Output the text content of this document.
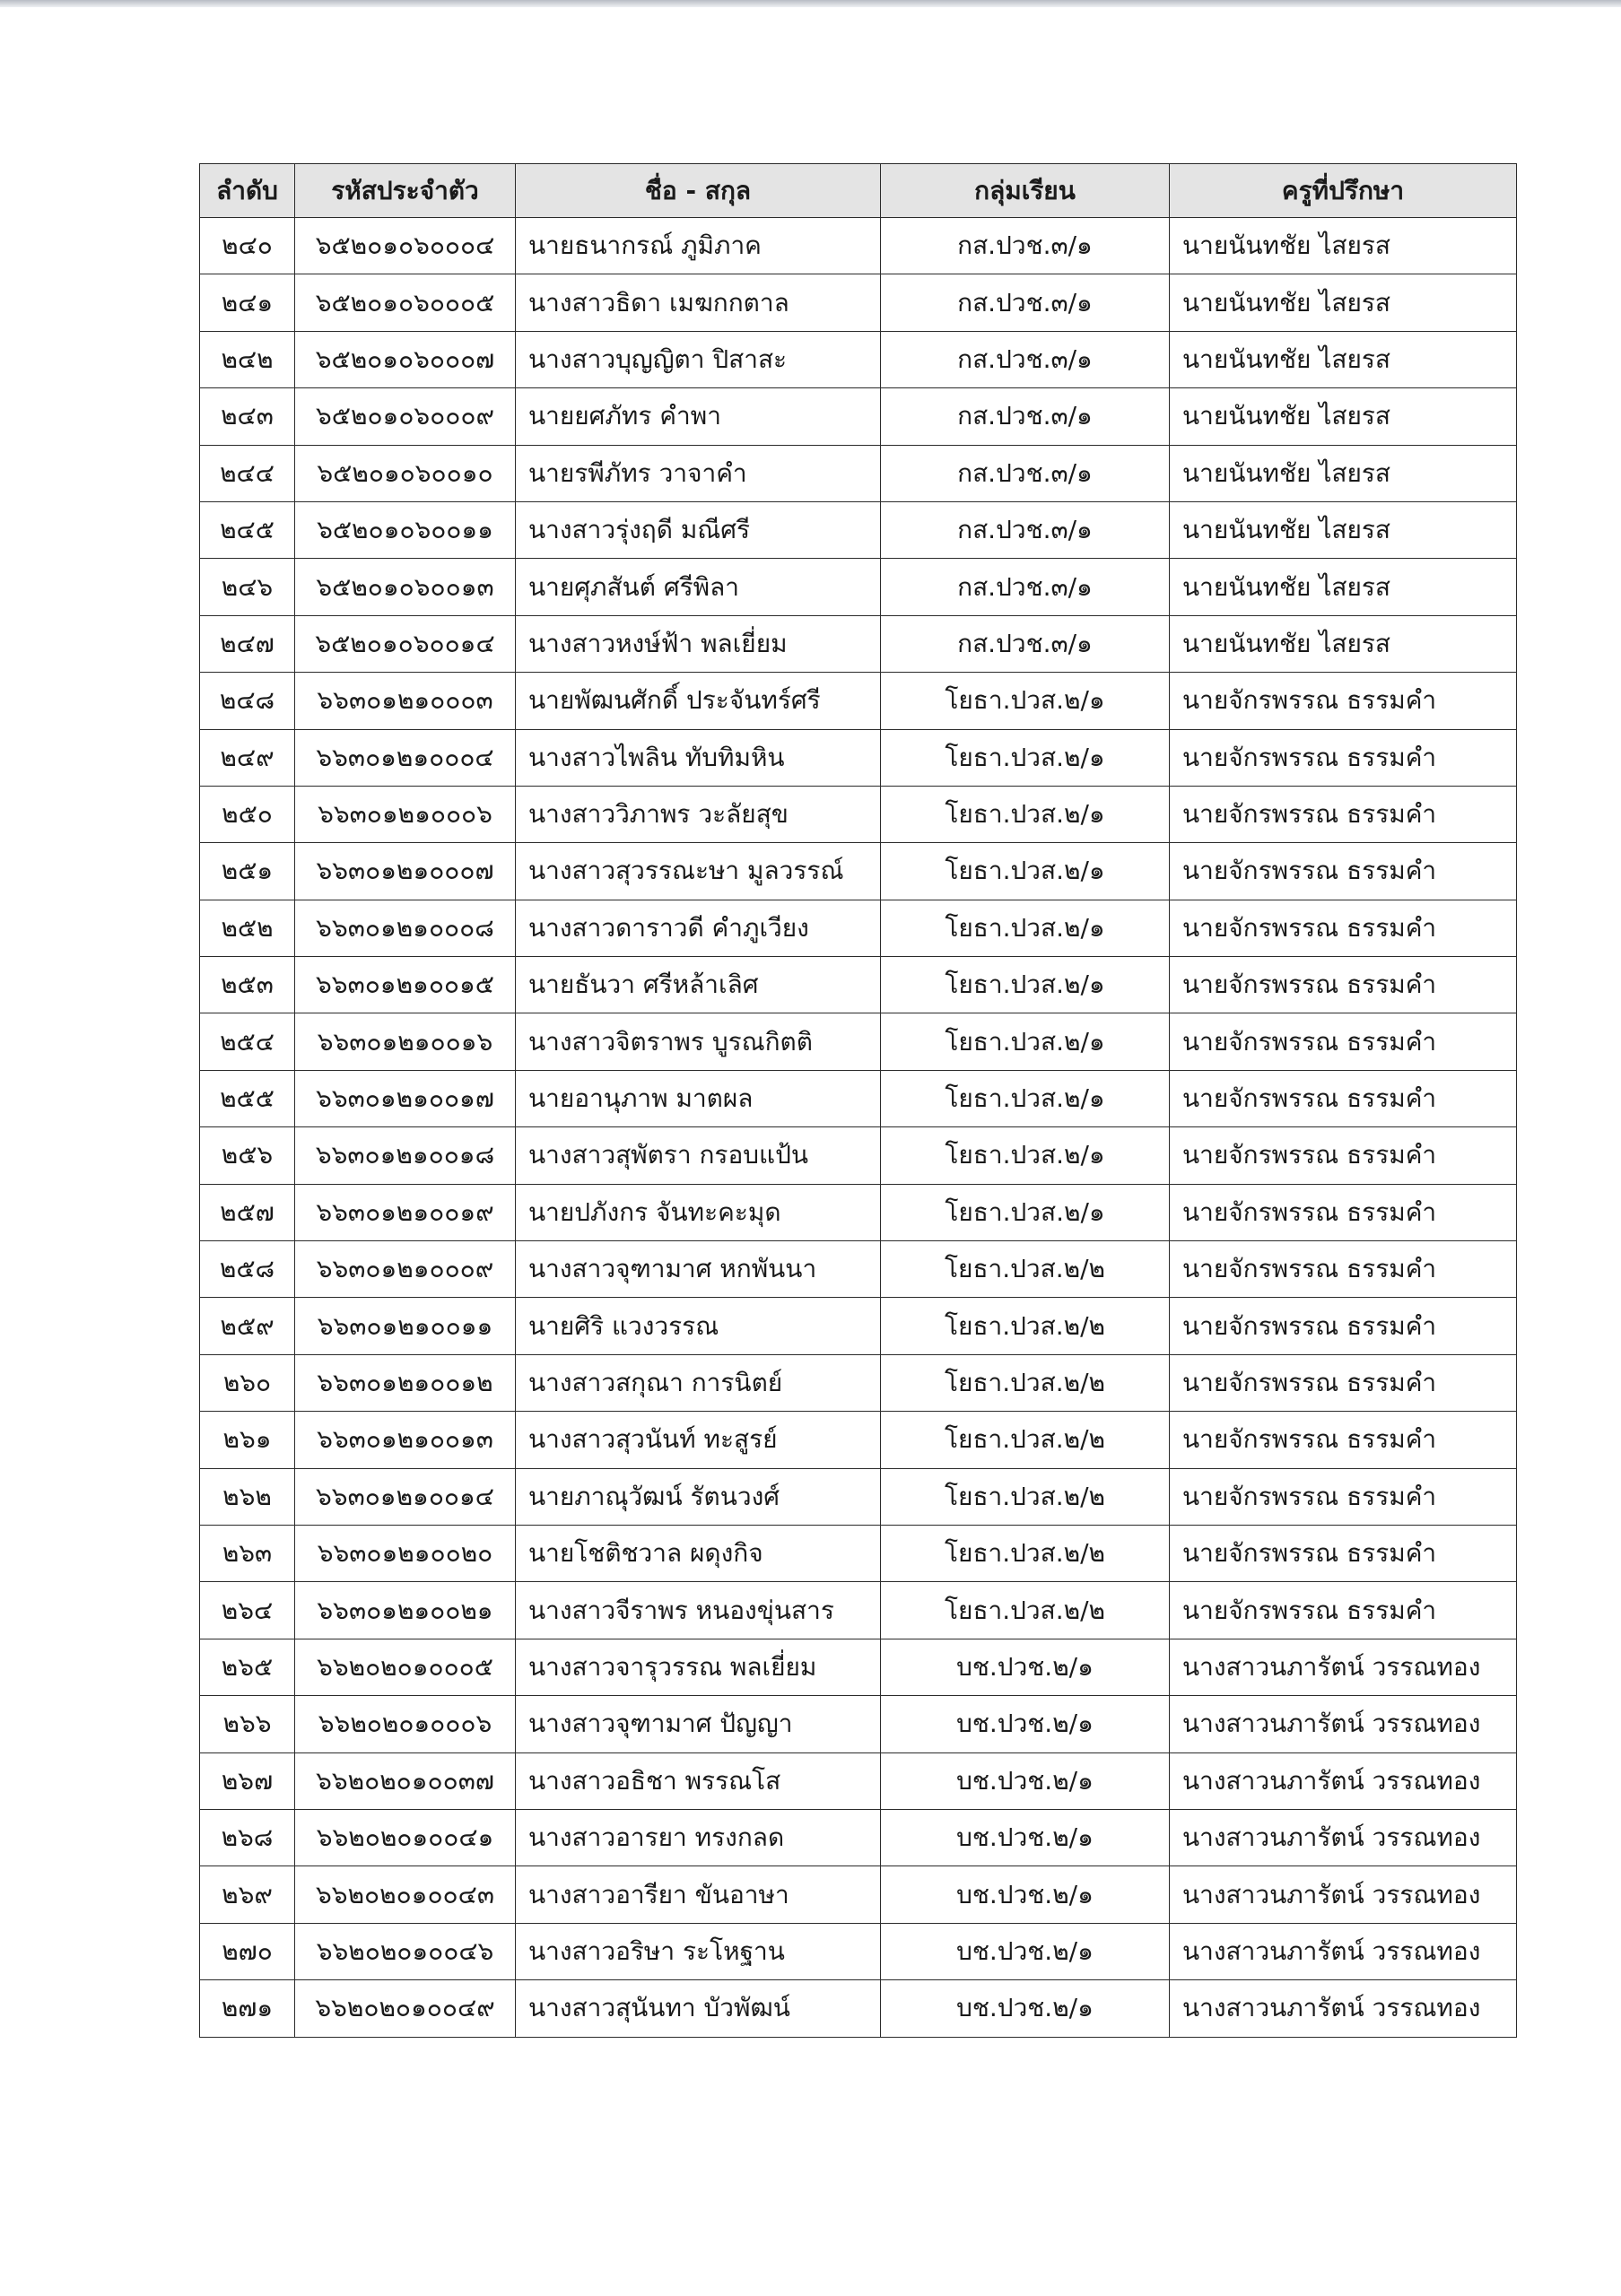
ลำดับ	รหัสประจำตัว	ชื่อ - สกุล	กลุ่มเรียน	ครูที่ปรึกษา
๒๔๐	๖๕๒๐๑๐๖๐๐๐๔	นายธนากรณ์ ภูมิภาค	กส.ปวช.๓/๑	นายนันทชัย ไสยรส
๒๔๑	๖๕๒๐๑๐๖๐๐๐๕	นางสาวธิดา เมฆกกตาล	กส.ปวช.๓/๑	นายนันทชัย ไสยรส
๒๔๒	๖๕๒๐๑๐๖๐๐๐๗	นางสาวบุญญิตา ปิสาสะ	กส.ปวช.๓/๑	นายนันทชัย ไสยรส
๒๔๓	๖๕๒๐๑๐๖๐๐๐๙	นายยศภัทร คำพา	กส.ปวช.๓/๑	นายนันทชัย ไสยรส
๒๔๔	๖๕๒๐๑๐๖๐๐๑๐	นายรพีภัทร วาจาคำ	กส.ปวช.๓/๑	นายนันทชัย ไสยรส
๒๔๕	๖๕๒๐๑๐๖๐๐๑๑	นางสาวรุ่งฤดี มณีศรี	กส.ปวช.๓/๑	นายนันทชัย ไสยรส
๒๔๖	๖๕๒๐๑๐๖๐๐๑๓	นายศุภสันต์ ศรีพิลา	กส.ปวช.๓/๑	นายนันทชัย ไสยรส
๒๔๗	๖๕๒๐๑๐๖๐๐๑๔	นางสาวหงษ์ฟ้า พลเยี่ยม	กส.ปวช.๓/๑	นายนันทชัย ไสยรส
๒๔๘	๖๖๓๐๑๒๑๐๐๐๓	นายพัฒนศักดิ์ ประจันทร์ศรี	โยธา.ปวส.๒/๑	นายจักรพรรณ ธรรมคำ
๒๔๙	๖๖๓๐๑๒๑๐๐๐๔	นางสาวไพลิน ทับทิมหิน	โยธา.ปวส.๒/๑	นายจักรพรรณ ธรรมคำ
๒๕๐	๖๖๓๐๑๒๑๐๐๐๖	นางสาววิภาพร วะลัยสุข	โยธา.ปวส.๒/๑	นายจักรพรรณ ธรรมคำ
๒๕๑	๖๖๓๐๑๒๑๐๐๐๗	นางสาวสุวรรณะษา มูลวรรณ์	โยธา.ปวส.๒/๑	นายจักรพรรณ ธรรมคำ
๒๕๒	๖๖๓๐๑๒๑๐๐๐๘	นางสาวดาราวดี คำภูเวียง	โยธา.ปวส.๒/๑	นายจักรพรรณ ธรรมคำ
๒๕๓	๖๖๓๐๑๒๑๐๐๑๕	นายธันวา ศรีหล้าเลิศ	โยธา.ปวส.๒/๑	นายจักรพรรณ ธรรมคำ
๒๕๔	๖๖๓๐๑๒๑๐๐๑๖	นางสาวจิตราพร บูรณกิตติ	โยธา.ปวส.๒/๑	นายจักรพรรณ ธรรมคำ
๒๕๕	๖๖๓๐๑๒๑๐๐๑๗	นายอานุภาพ มาตผล	โยธา.ปวส.๒/๑	นายจักรพรรณ ธรรมคำ
๒๕๖	๖๖๓๐๑๒๑๐๐๑๘	นางสาวสุพัตรา กรอบแป้น	โยธา.ปวส.๒/๑	นายจักรพรรณ ธรรมคำ
๒๕๗	๖๖๓๐๑๒๑๐๐๑๙	นายปภังกร จันทะคะมุด	โยธา.ปวส.๒/๑	นายจักรพรรณ ธรรมคำ
๒๕๘	๖๖๓๐๑๒๑๐๐๐๙	นางสาวจุฑามาศ หกพันนา	โยธา.ปวส.๒/๒	นายจักรพรรณ ธรรมคำ
๒๕๙	๖๖๓๐๑๒๑๐๐๑๑	นายศิริ แวงวรรณ	โยธา.ปวส.๒/๒	นายจักรพรรณ ธรรมคำ
๒๖๐	๖๖๓๐๑๒๑๐๐๑๒	นางสาวสกุณา การนิตย์	โยธา.ปวส.๒/๒	นายจักรพรรณ ธรรมคำ
๒๖๑	๖๖๓๐๑๒๑๐๐๑๓	นางสาวสุวนันท์ ทะสูรย์	โยธา.ปวส.๒/๒	นายจักรพรรณ ธรรมคำ
๒๖๒	๖๖๓๐๑๒๑๐๐๑๔	นายภาณุวัฒน์ รัตนวงศ์	โยธา.ปวส.๒/๒	นายจักรพรรณ ธรรมคำ
๒๖๓	๖๖๓๐๑๒๑๐๐๒๐	นายโชติชวาล ผดุงกิจ	โยธา.ปวส.๒/๒	นายจักรพรรณ ธรรมคำ
๒๖๔	๖๖๓๐๑๒๑๐๐๒๑	นางสาวจีราพร หนองขุ่นสาร	โยธา.ปวส.๒/๒	นายจักรพรรณ ธรรมคำ
๒๖๕	๖๖๒๐๒๐๑๐๐๐๕	นางสาวจารุวรรณ พลเยี่ยม	บช.ปวช.๒/๑	นางสาวนภารัตน์ วรรณทอง
๒๖๖	๖๖๒๐๒๐๑๐๐๐๖	นางสาวจุฑามาศ ปัญญา	บช.ปวช.๒/๑	นางสาวนภารัตน์ วรรณทอง
๒๖๗	๖๖๒๐๒๐๑๐๐๓๗	นางสาวอธิชา พรรณโส	บช.ปวช.๒/๑	นางสาวนภารัตน์ วรรณทอง
๒๖๘	๖๖๒๐๒๐๑๐๐๔๑	นางสาวอารยา ทรงกลด	บช.ปวช.๒/๑	นางสาวนภารัตน์ วรรณทอง
๒๖๙	๖๖๒๐๒๐๑๐๐๔๓	นางสาวอารียา ขันอาษา	บช.ปวช.๒/๑	นางสาวนภารัตน์ วรรณทอง
๒๗๐	๖๖๒๐๒๐๑๐๐๔๖	นางสาวอริษา ระโหฐาน	บช.ปวช.๒/๑	นางสาวนภารัตน์ วรรณทอง
๒๗๑	๖๖๒๐๒๐๑๐๐๔๙	นางสาวสุนันทา บัวพัฒน์	บช.ปวช.๒/๑	นางสาวนภารัตน์ วรรณทอง
